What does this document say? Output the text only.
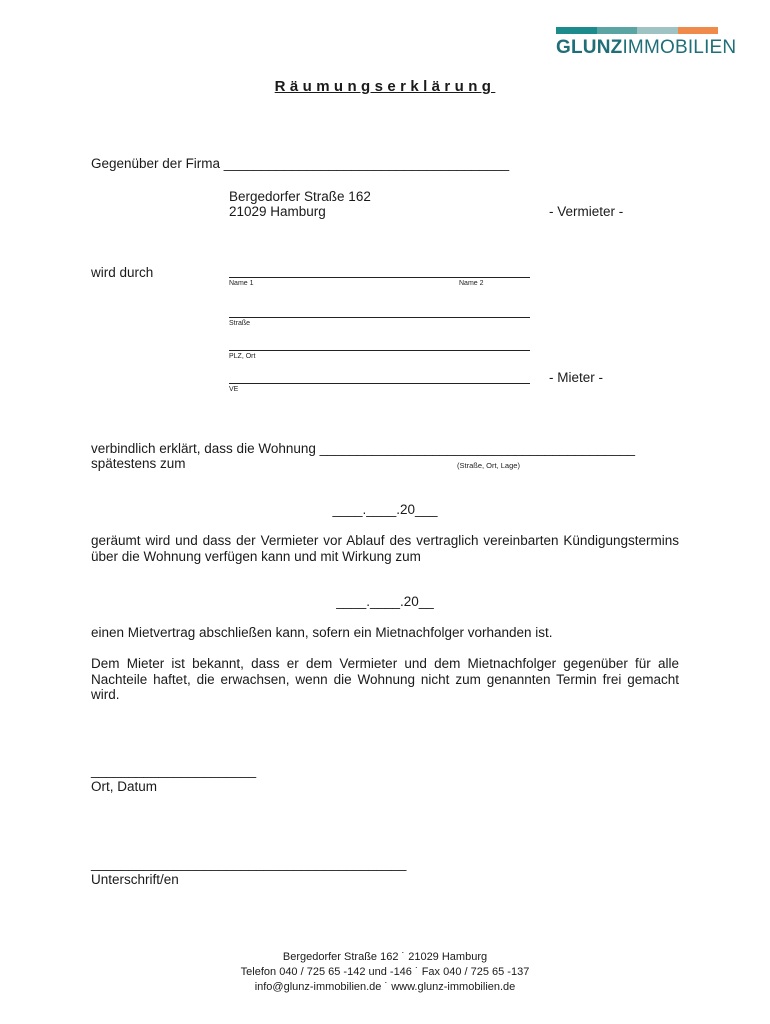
GLUNZIMMOBILIEN
Räumungserklärung
Gegenüber der Firma ______________________________________
Bergedorfer Straße 162
21029 Hamburg	- Vermieter -
wird durch
Name 1	Name 2
Straße
PLZ, Ort
VE
- Mieter -
verbindlich erklärt, dass die Wohnung __________________________________________
spätestens zum	(Straße, Ort, Lage)
____.____.20___
geräumt wird und dass der Vermieter vor Ablauf des vertraglich vereinbarten Kündigungstermins über die Wohnung verfügen kann und mit Wirkung zum
____.____.20__
einen Mietvertrag abschließen kann, sofern ein Mietnachfolger vorhanden ist.
Dem Mieter ist bekannt, dass er dem Vermieter und dem Mietnachfolger gegenüber für alle Nachteile haftet, die erwachsen, wenn die Wohnung nicht zum genannten Termin frei gemacht wird.
______________________
Ort, Datum
__________________________________________
Unterschrift/en
Bergedorfer Straße 162 ˙ 21029 Hamburg
Telefon 040 / 725 65 -142 und -146 ˙ Fax 040 / 725 65 -137
info@glunz-immobilien.de ˙ www.glunz-immobilien.de
